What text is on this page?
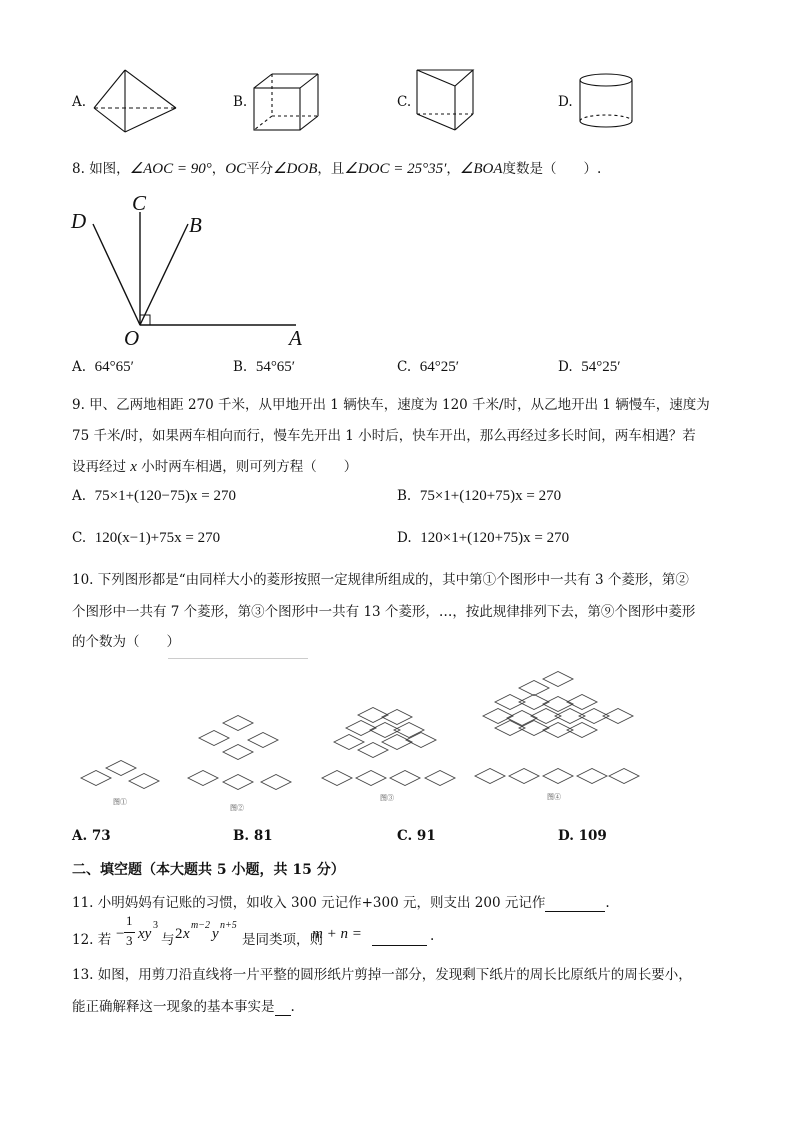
A.	B.	C.	D.
8. 如图，∠AOC = 90°，OC平分∠DOB，且∠DOC = 25°35′，∠BOA度数是（　　）.
D
C
B
O	A
A. 64°65′	B. 54°65′	C. 64°25′	D. 54°25′
9. 甲、乙两地相距 270 千米，从甲地开出 1 辆快车，速度为 120 千米/时，从乙地开出 1 辆慢车，速度为
75 千米/时，如果两车相向而行，慢车先开出 1 小时后，快车开出，那么再经过多长时间，两车相遇？若
设再经过 x 小时两车相遇，则可列方程（　　）
A. 75×1+(120−75)x = 270	B. 75×1+(120+75)x = 270
C. 120(x−1)+75x = 270	D. 120×1+(120+75)x = 270
10. 下列图形都是“由同样大小的菱形按照一定规律所组成的，其中第①个图形中一共有 3 个菱形，第②
个图形中一共有 7 个菱形，第③个图形中一共有 13 个菱形，…，按此规律排列下去，第⑨个图形中菱形
的个数为（　　）
图①
图②
图③	图④
A. 73	B. 81	C. 91	D. 109
二、填空题（本大题共 5 小题，共 15 分）
11. 小明妈妈有记账的习惯，如收入 300 元记作+300 元，则支出 200 元记作	.
12. 若 −
1
3 xy
3
与 2 x
m−2
y
n+5
是同类项，则
m + n =
	.
13. 如图，用剪刀沿直线将一片平整的圆形纸片剪掉一部分，发现剩下纸片的周长比原纸片的周长要小，
能正确解释这一现象的基本事实是 .
